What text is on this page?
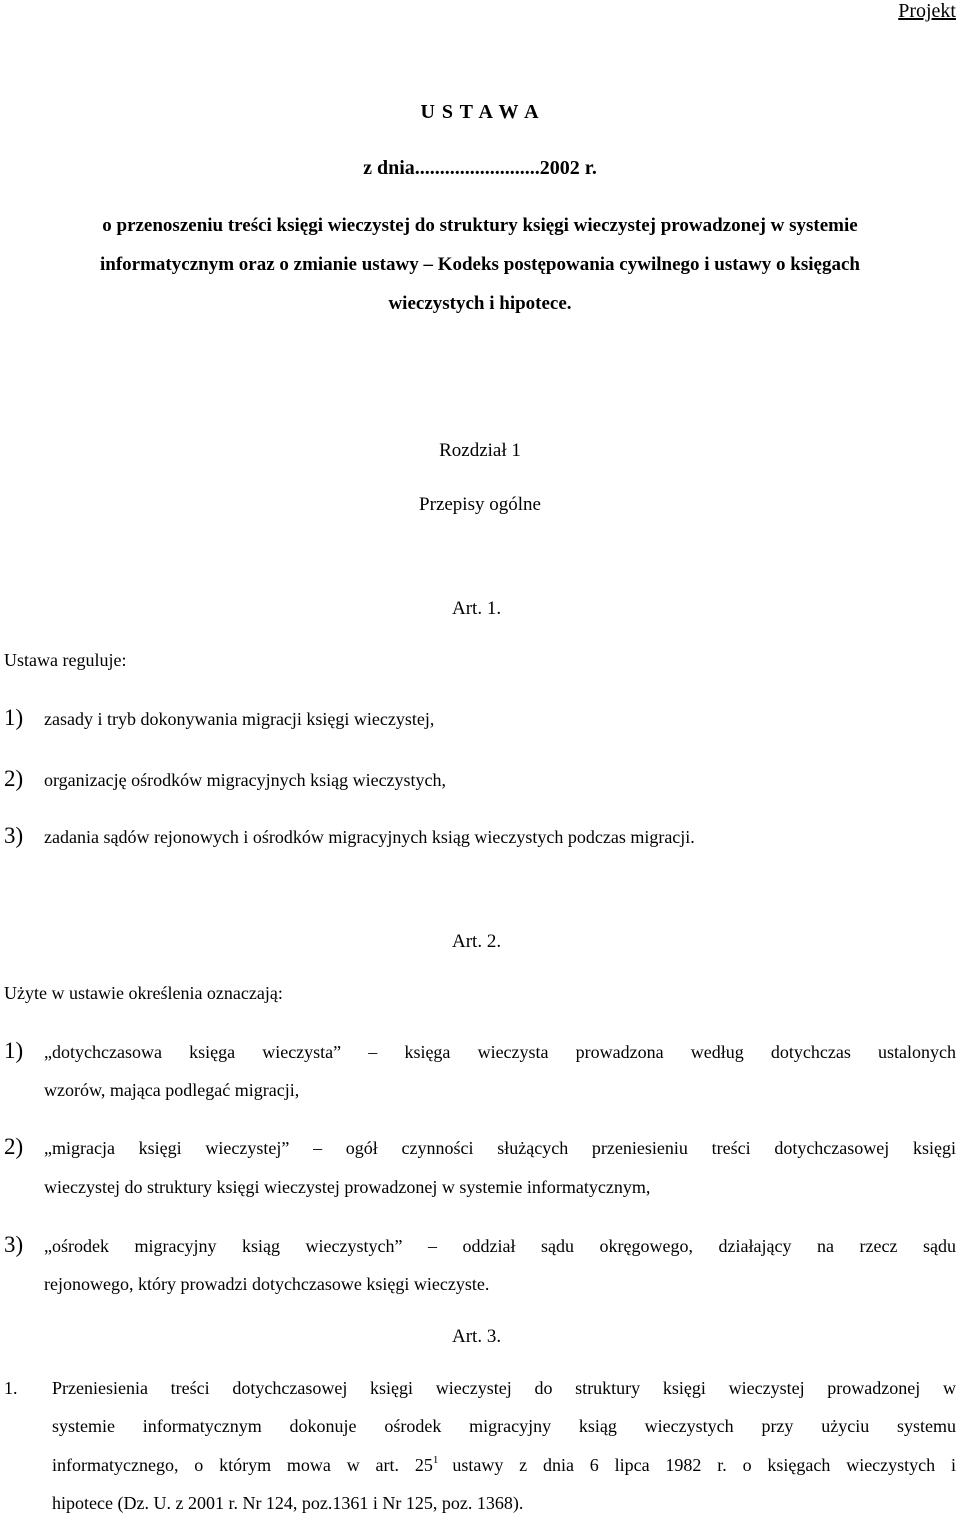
Projekt
U S T A W A
z dnia.........................2002 r.
o przenoszeniu treści księgi wieczystej do struktury księgi wieczystej prowadzonej w systemie
informatycznym oraz o zmianie ustawy – Kodeks postępowania cywilnego i ustawy o księgach
wieczystych i hipotece.
Rozdział 1
Przepisy ogólne
Art. 1.
Ustawa reguluje:
1) zasady i tryb dokonywania migracji księgi wieczystej,
2) organizację ośrodków migracyjnych ksiąg wieczystych,
3) zadania sądów rejonowych i ośrodków migracyjnych ksiąg wieczystych podczas migracji.
Art. 2.
Użyte w ustawie określenia oznaczają:
1) „dotychczasowa księga wieczysta” – księga wieczysta prowadzona według dotychczas ustalonych
wzorów, mająca podlegać migracji,
2) „migracja księgi wieczystej” – ogół czynności służących przeniesieniu treści dotychczasowej księgi
wieczystej do struktury księgi wieczystej prowadzonej w systemie informatycznym,
3) „ośrodek migracyjny ksiąg wieczystych” – oddział sądu okręgowego, działający na rzecz sądu
rejonowego, który prowadzi dotychczasowe księgi wieczyste.
Art. 3.
1. Przeniesienia treści dotychczasowej księgi wieczystej do struktury księgi wieczystej prowadzonej w
systemie informatycznym dokonuje ośrodek migracyjny ksiąg wieczystych przy użyciu systemu
informatycznego, o którym mowa w art. $25^1$ ustawy z dnia 6 lipca 1982 r. o księgach wieczystych i
hipotece (Dz. U. z 2001 r. Nr 124, poz.1361 i Nr 125, poz. 1368).
